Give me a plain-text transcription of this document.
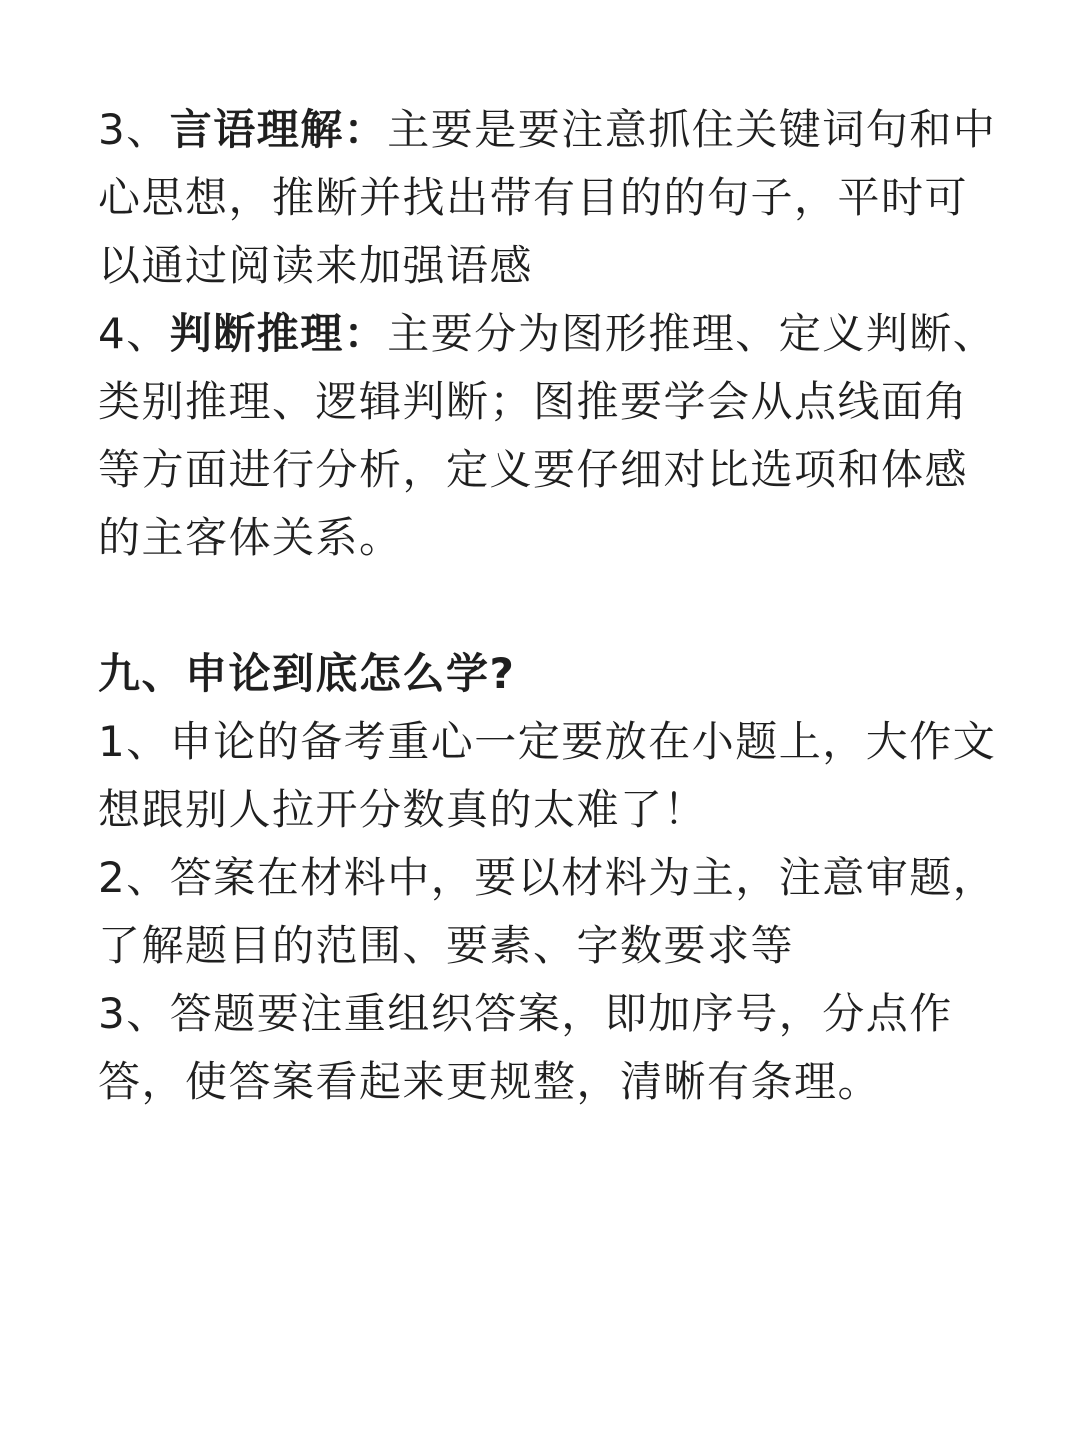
3、言语理解：主要是要注意抓住关键词句和中心思想，推断并找出带有目的的句子，平时可以通过阅读来加强语感

4、判断推理：主要分为图形推理、定义判断、类别推理、逻辑判断；图推要学会从点线面角等方面进行分析，定义要仔细对比选项和体感的主客体关系。

九、申论到底怎么学?

1、申论的备考重心一定要放在小题上，大作文想跟别人拉开分数真的太难了！

2、答案在材料中，要以材料为主，注意审题，了解题目的范围、要素、字数要求等

3、答题要注重组织答案，即加序号，分点作答，使答案看起来更规整，清晰有条理。
